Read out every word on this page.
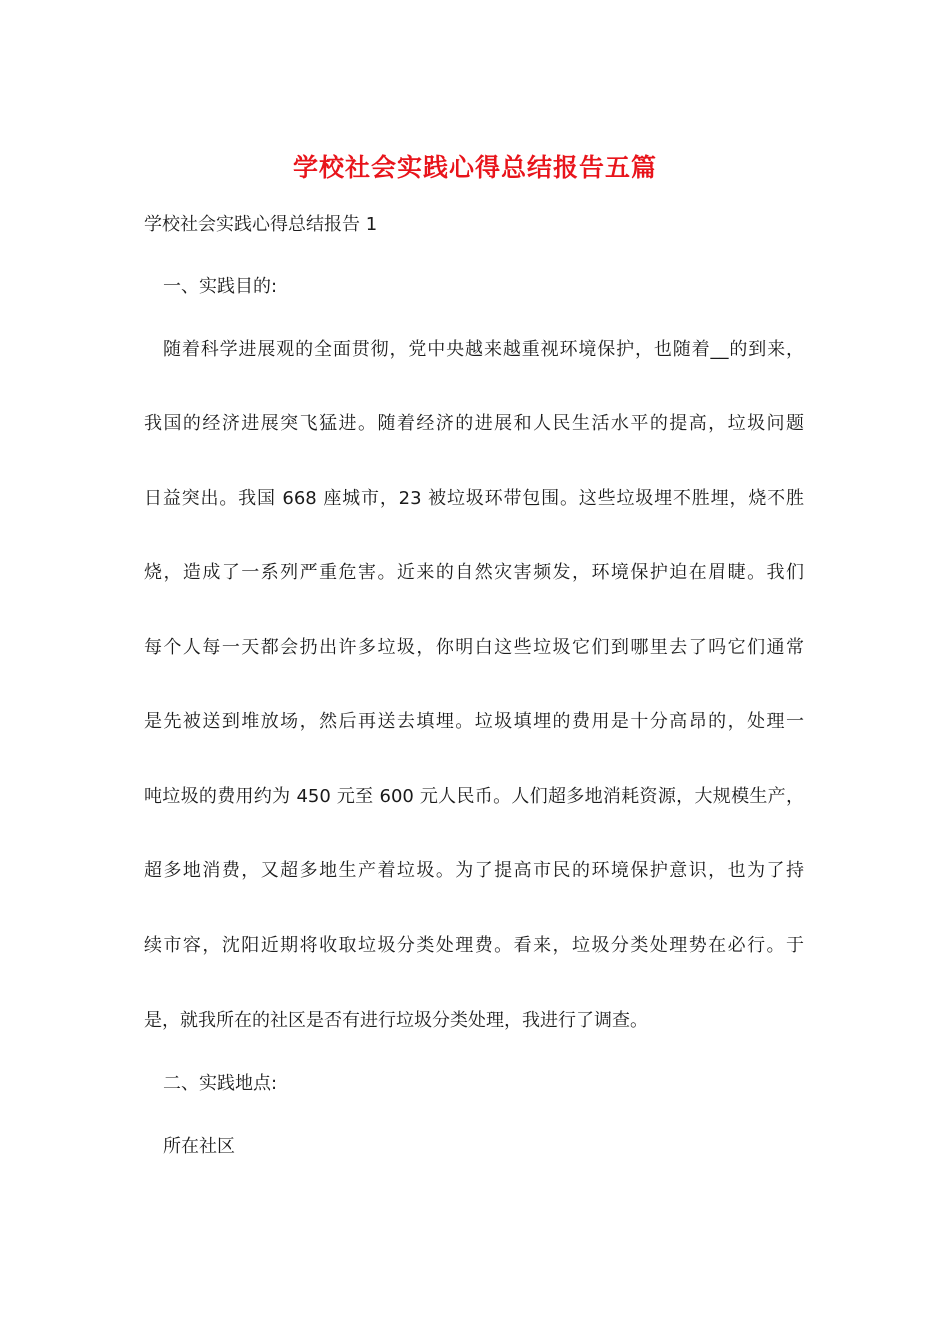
学校社会实践心得总结报告五篇
学校社会实践心得总结报告 1
一、实践目的:
随着科学进展观的全面贯彻，党中央越来越重视环境保护，也随着__的到来，
我国的经济进展突飞猛进。随着经济的进展和人民生活水平的提高，垃圾问题
日益突出。我国 668 座城市，23 被垃圾环带包围。这些垃圾埋不胜埋，烧不胜
烧，造成了一系列严重危害。近来的自然灾害频发，环境保护迫在眉睫。我们
每个人每一天都会扔出许多垃圾，你明白这些垃圾它们到哪里去了吗它们通常
是先被送到堆放场，然后再送去填埋。垃圾填埋的费用是十分高昂的，处理一
吨垃圾的费用约为 450 元至 600 元人民币。人们超多地消耗资源，大规模生产，
超多地消费，又超多地生产着垃圾。为了提高市民的环境保护意识，也为了持
续市容，沈阳近期将收取垃圾分类处理费。看来，垃圾分类处理势在必行。于
是，就我所在的社区是否有进行垃圾分类处理，我进行了调查。
二、实践地点:
所在社区
